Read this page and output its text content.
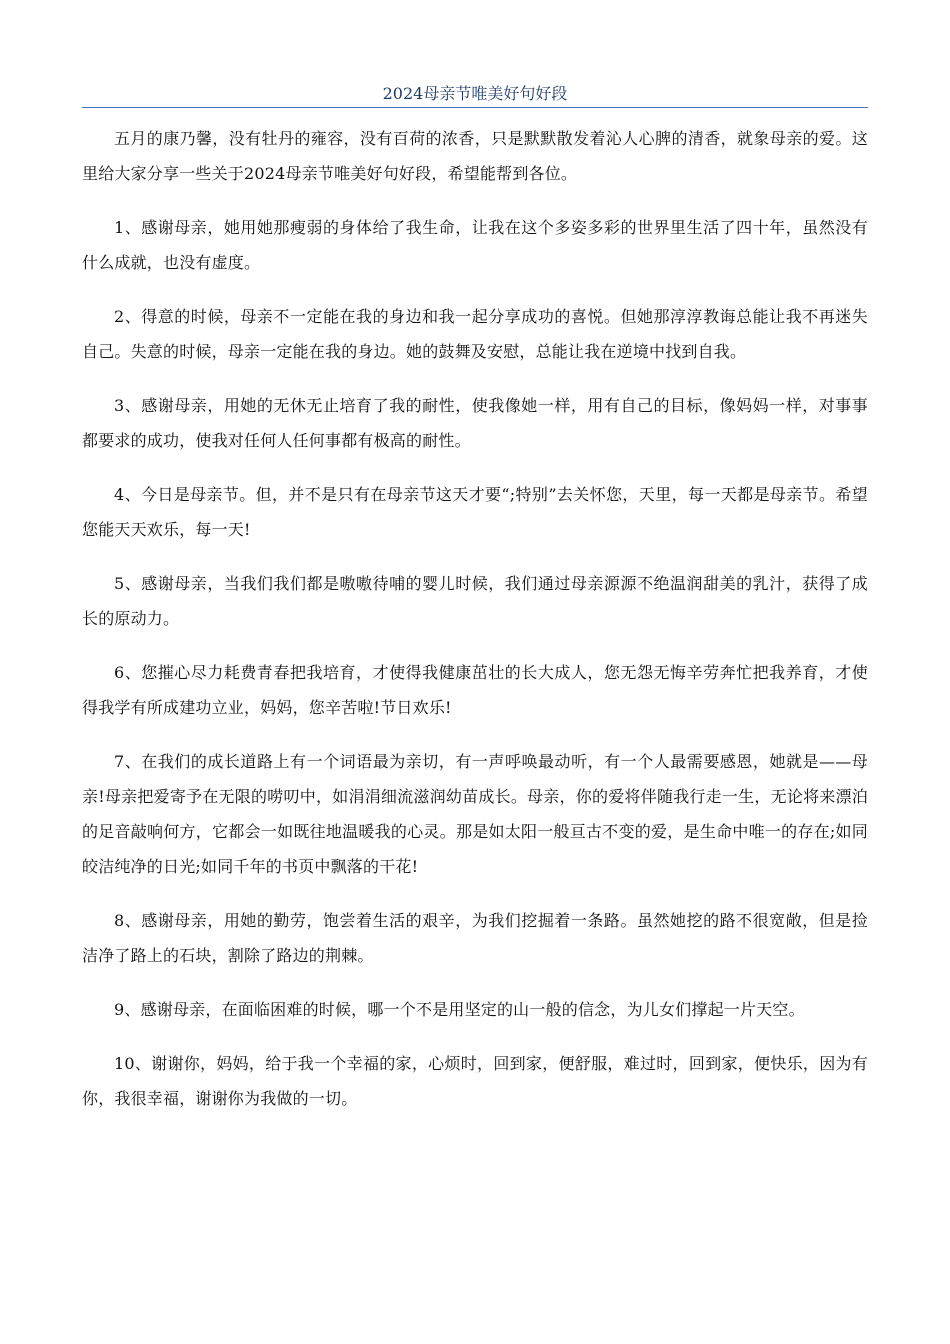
2024母亲节唯美好句好段

五月的康乃馨，没有牡丹的雍容，没有百荷的浓香，只是默默散发着沁人心脾的清香，就象母亲的爱。这里给大家分享一些关于2024母亲节唯美好句好段，希望能帮到各位。

1、感谢母亲，她用她那瘦弱的身体给了我生命，让我在这个多姿多彩的世界里生活了四十年，虽然没有什么成就，也没有虚度。

2、得意的时候，母亲不一定能在我的身边和我一起分享成功的喜悦。但她那淳淳教诲总能让我不再迷失自己。失意的时候，母亲一定能在我的身边。她的鼓舞及安慰，总能让我在逆境中找到自我。

3、感谢母亲，用她的无休无止培育了我的耐性，使我像她一样，用有自己的目标，像妈妈一样，对事事都要求的成功，使我对任何人任何事都有极高的耐性。

4、今日是母亲节。但，并不是只有在母亲节这天才要“;特别”去关怀您，天里，每一天都是母亲节。希望您能天天欢乐，每一天!

5、感谢母亲，当我们我们都是嗷嗷待哺的婴儿时候，我们通过母亲源源不绝温润甜美的乳汁，获得了成长的原动力。

6、您摧心尽力耗费青春把我培育，才使得我健康茁壮的长大成人，您无怨无悔辛劳奔忙把我养育，才使得我学有所成建功立业，妈妈，您辛苦啦!节日欢乐!

7、在我们的成长道路上有一个词语最为亲切，有一声呼唤最动听，有一个人最需要感恩，她就是——母亲!母亲把爱寄予在无限的唠叨中，如涓涓细流滋润幼苗成长。母亲，你的爱将伴随我行走一生，无论将来漂泊的足音敲响何方，它都会一如既往地温暖我的心灵。那是如太阳一般亘古不变的爱，是生命中唯一的存在;如同皎洁纯净的日光;如同千年的书页中飘落的干花!

8、感谢母亲，用她的勤劳，饱尝着生活的艰辛，为我们挖掘着一条路。虽然她挖的路不很宽敞，但是捡洁净了路上的石块，割除了路边的荆棘。

9、感谢母亲，在面临困难的时候，哪一个不是用坚定的山一般的信念，为儿女们撑起一片天空。

10、谢谢你，妈妈，给于我一个幸福的家，心烦时，回到家，便舒服，难过时，回到家，便快乐，因为有你，我很幸福，谢谢你为我做的一切。
